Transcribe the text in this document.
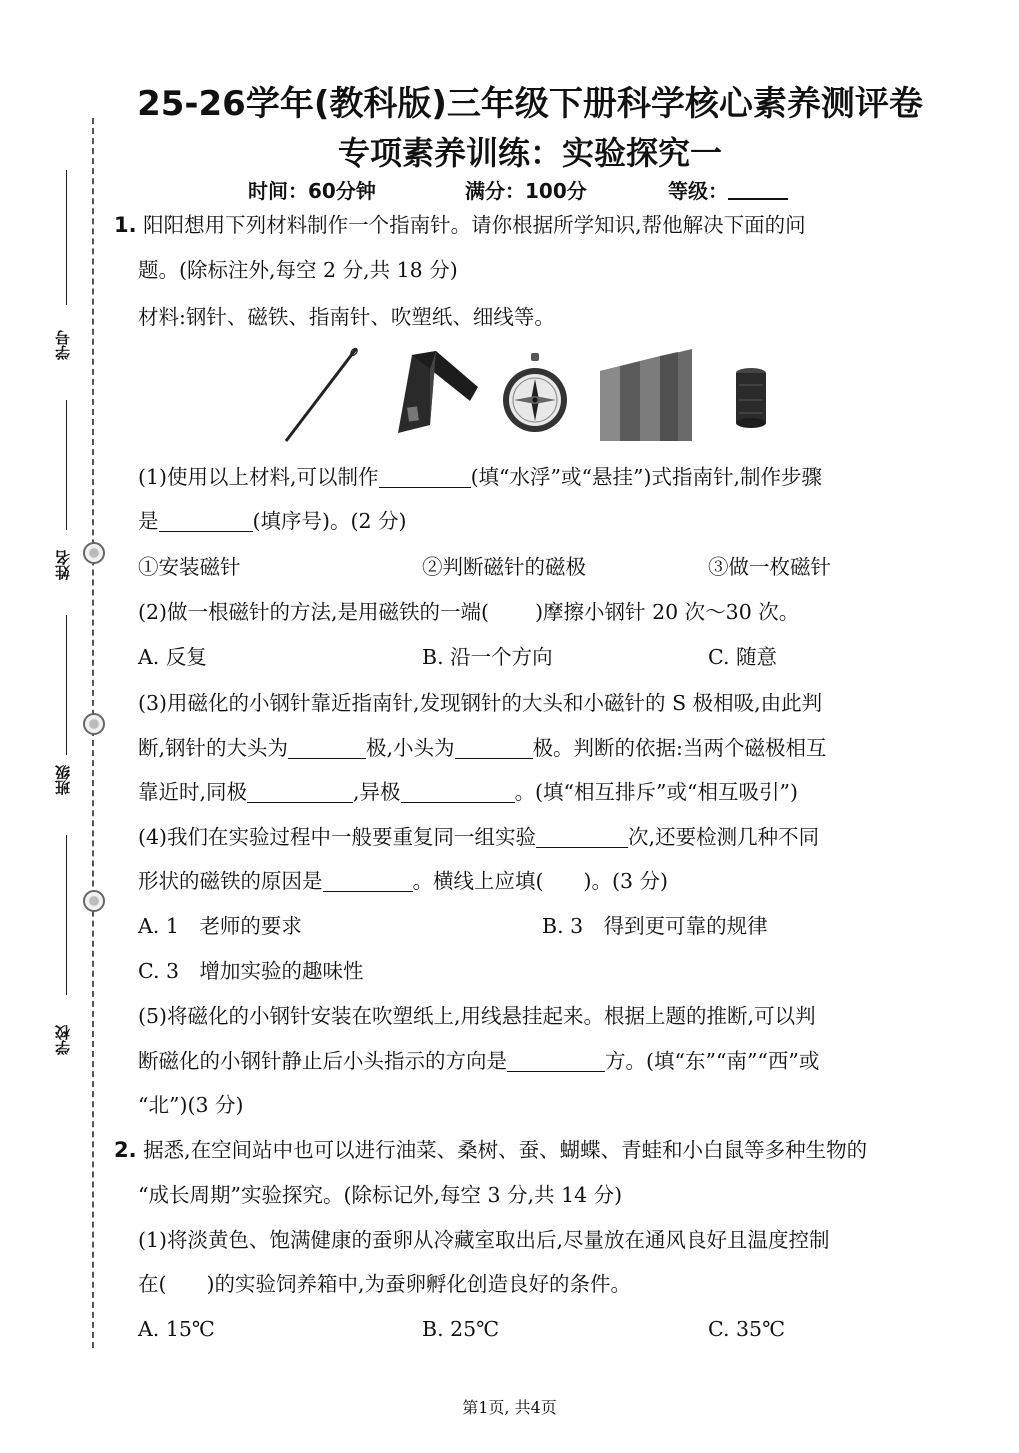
学号
姓名
班级
学校
25-26学年(教科版)三年级下册科学核心素养测评卷
专项素养训练：实验探究一
时间：60分钟	满分：100分	等级：
1. 阳阳想用下列材料制作一个指南针。请你根据所学知识,帮他解决下面的问
题。(除标注外,每空 2 分,共 18 分)
材料:钢针、磁铁、指南针、吹塑纸、细线等。
(1)使用以上材料,可以制作	(填“水浮”或“悬挂”)式指南针,制作步骤
是	(填序号)。(2 分)
①安装磁针	②判断磁针的磁极	③做一枚磁针
(2)做一根磁针的方法,是用磁铁的一端( )摩擦小钢针 20 次～30 次。
A. 反复	B. 沿一个方向	C. 随意
(3)用磁化的小钢针靠近指南针,发现钢针的大头和小磁针的 S 极相吸,由此判
断,钢针的大头为	极,小头为	极。判断的依据:当两个磁极相互
靠近时,同极	,异极	。(填“相互排斥”或“相互吸引”)
(4)我们在实验过程中一般要重复同一组实验	次,还要检测几种不同
形状的磁铁的原因是	。横线上应填( )。(3 分)
A. 1　老师的要求	B. 3　得到更可靠的规律
C. 3　增加实验的趣味性
(5)将磁化的小钢针安装在吹塑纸上,用线悬挂起来。根据上题的推断,可以判
断磁化的小钢针静止后小头指示的方向是	方。(填“东”“南”“西”或
“北”)(3 分)
2. 据悉,在空间站中也可以进行油菜、桑树、蚕、蝴蝶、青蛙和小白鼠等多种生物的
“成长周期”实验探究。(除标记外,每空 3 分,共 14 分)
(1)将淡黄色、饱满健康的蚕卵从冷藏室取出后,尽量放在通风良好且温度控制
在( )的实验饲养箱中,为蚕卵孵化创造良好的条件。
A. 15℃	B. 25℃	C. 35℃
第1页, 共4页
